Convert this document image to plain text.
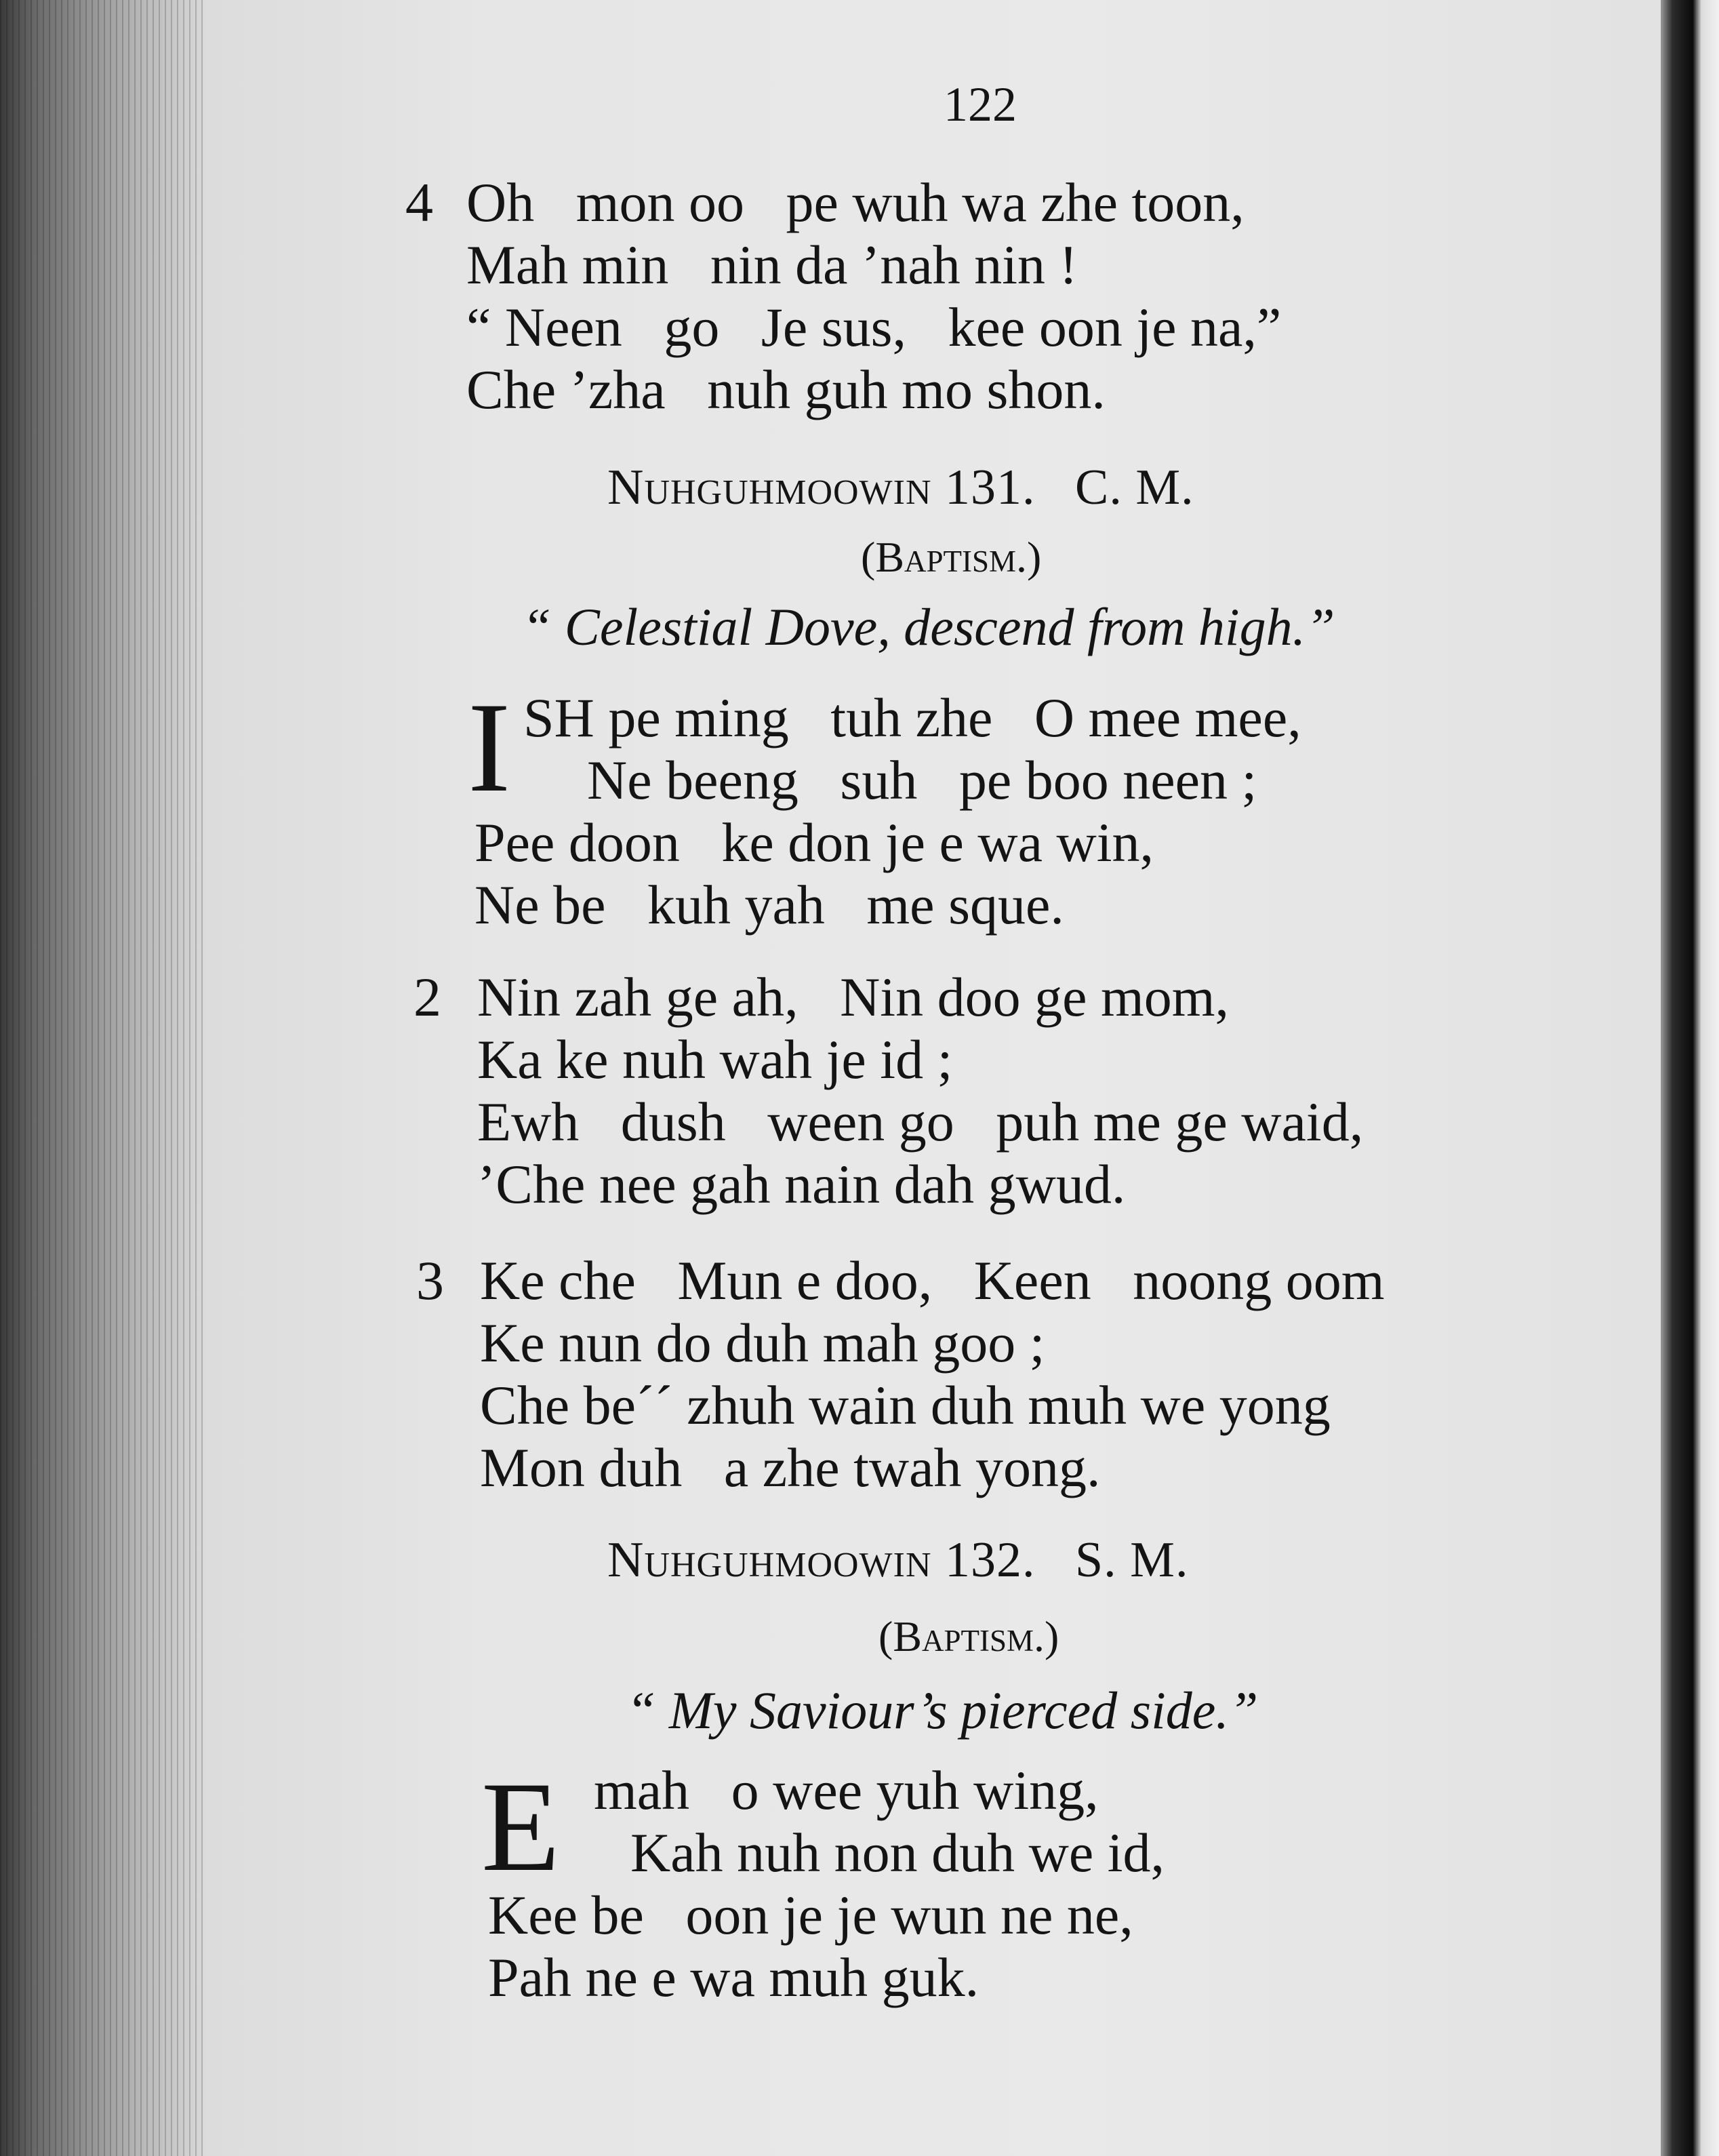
122
4 Oh   mon oo   pe wuh wa zhe toon,
Mah min   nin da ’nah nin !
“ Neen   go   Je sus,   kee oon je na,”
Che ’zha   nuh guh mo shon.
Nuhguhmoowin 131.   C. M.
(Baptism.)
“ Celestial Dove, descend from high.”
I SH pe ming   tuh zhe   O mee mee,
Ne beeng   suh   pe boo neen ;
Pee doon   ke don je e wa win,
Ne be   kuh yah   me sque.
2 Nin zah ge ah,   Nin doo ge mom,
Ka ke nuh wah je id ;
Ewh   dush   ween go   puh me ge waid,
’Che nee gah nain dah gwud.
3 Ke che   Mun e doo,   Keen   noong oom
Ke nun do duh mah goo ;
Che be´´ zhuh wain duh muh we yong
Mon duh   a zhe twah yong.
Nuhguhmoowin 132.   S. M.
(Baptism.)
“ My Saviour’s pierced side.”
E mah   o wee yuh wing,
Kah nuh non duh we id,
Kee be   oon je je wun ne ne,
Pah ne e wa muh guk.
